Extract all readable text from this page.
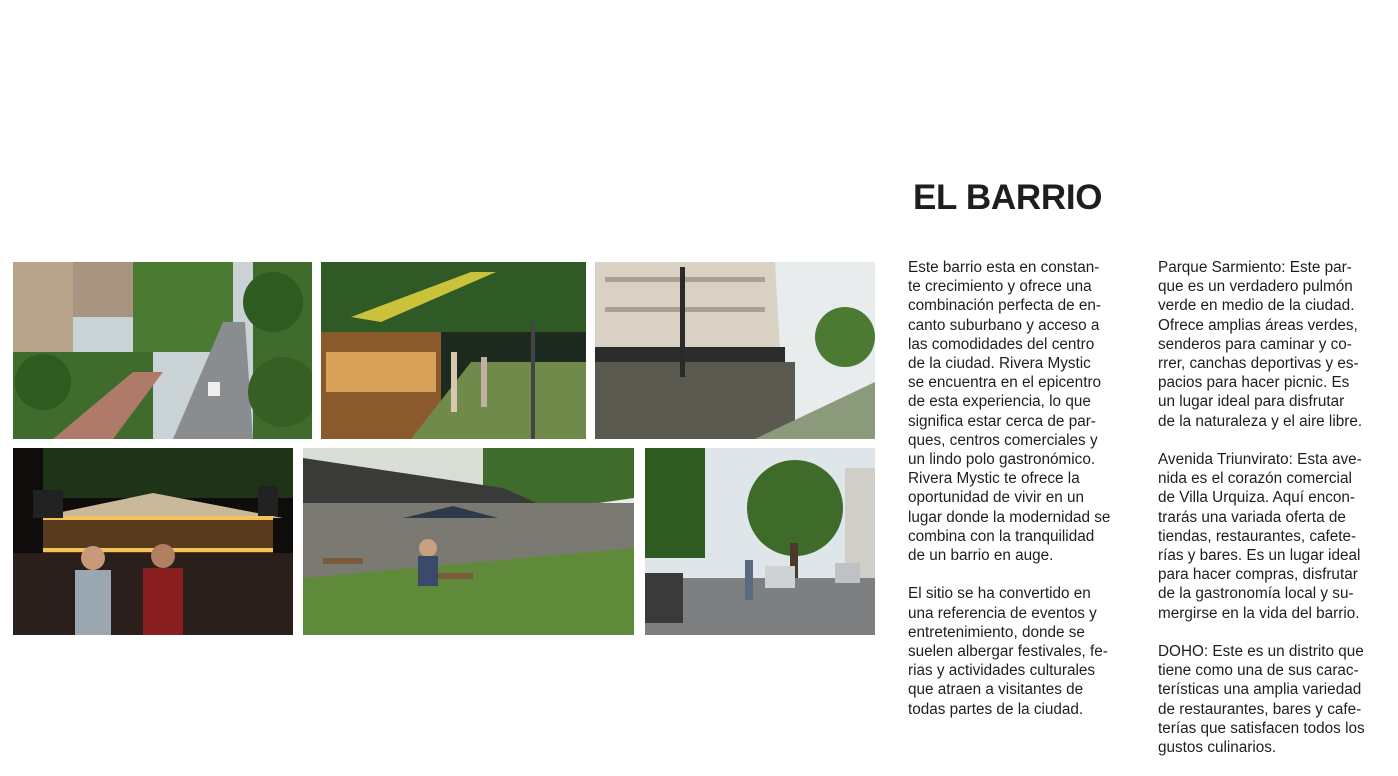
EL BARRIO

Este barrio esta en constan-
te crecimiento y ofrece una
combinación perfecta de en-
canto suburbano y acceso a
las comodidades del centro
de la ciudad. Rivera Mystic
se encuentra en el epicentro
de esta experiencia, lo que
significa estar cerca de par-
ques, centros comerciales y
un lindo polo gastronómico.
Rivera Mystic te ofrece la
oportunidad de vivir en un
lugar donde la modernidad se
combina con la tranquilidad
de un barrio en auge.

El sitio se ha convertido en
una referencia de eventos y
entretenimiento, donde se
suelen albergar festivales, fe-
rias y actividades culturales
que atraen a visitantes de
todas partes de la ciudad.

Parque Sarmiento: Este par-
que es un verdadero pulmón
verde en medio de la ciudad.
Ofrece amplias áreas verdes,
senderos para caminar y co-
rrer, canchas deportivas y es-
pacios para hacer picnic. Es
un lugar ideal para disfrutar
de la naturaleza y el aire libre.

Avenida Triunvirato: Esta ave-
nida es el corazón comercial
de Villa Urquiza. Aquí encon-
trarás una variada oferta de
tiendas, restaurantes, cafete-
rías y bares. Es un lugar ideal
para hacer compras, disfrutar
de la gastronomía local y su-
mergirse en la vida del barrio.

DOHO: Este es un distrito que
tiene como una de sus carac-
terísticas una amplia variedad
de restaurantes, bares y cafe-
terías que satisfacen todos los
gustos culinarios.
